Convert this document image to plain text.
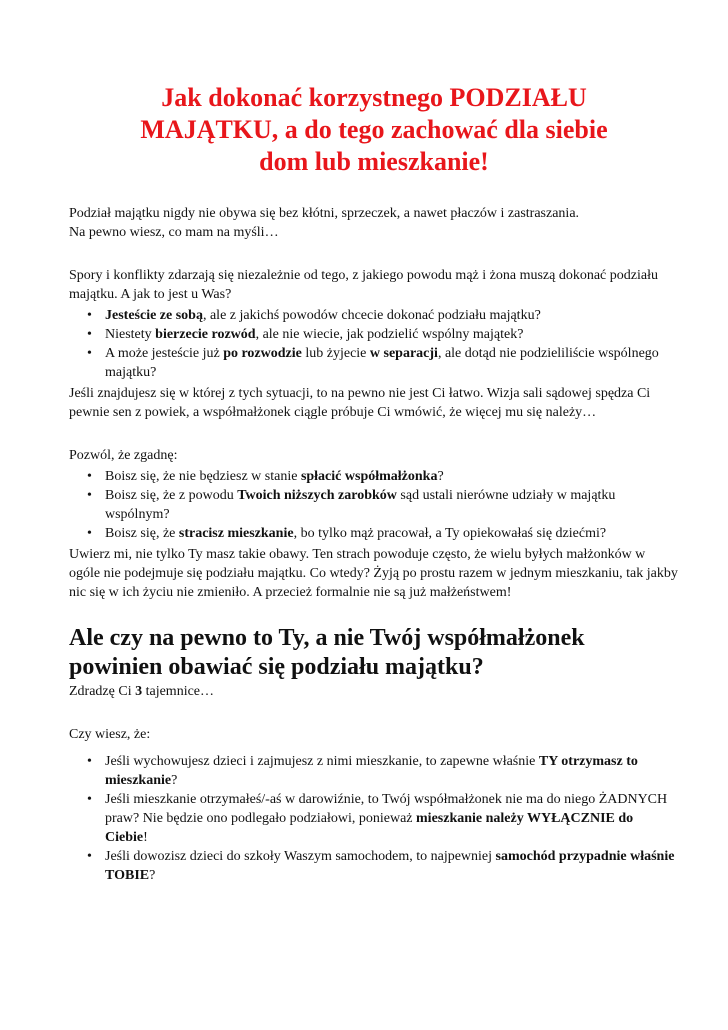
Jak dokonać korzystnego PODZIAŁU
MAJĄTKU, a do tego zachować dla siebie
dom lub mieszkanie!

Podział majątku nigdy nie obywa się bez kłótni, sprzeczek, a nawet płaczów i zastraszania.

Na pewno wiesz, co mam na myśli…

Spory i konflikty zdarzają się niezależnie od tego, z jakiego powodu mąż i żona muszą dokonać podziału majątku. A jak to jest u Was?

• Jesteście ze sobą, ale z jakichś powodów chcecie dokonać podziału majątku?
• Niestety bierzecie rozwód, ale nie wiecie, jak podzielić wspólny majątek?
• A może jesteście już po rozwodzie lub żyjecie w separacji, ale dotąd nie podzieliliście wspólnego majątku?

Jeśli znajdujesz się w której z tych sytuacji, to na pewno nie jest Ci łatwo. Wizja sali sądowej spędza Ci pewnie sen z powiek, a współmałżonek ciągle próbuje Ci wmówić, że więcej mu się należy…

Pozwól, że zgadnę:

• Boisz się, że nie będziesz w stanie spłacić współmałżonka?
• Boisz się, że z powodu Twoich niższych zarobków sąd ustali nierówne udziały w majątku wspólnym?
• Boisz się, że stracisz mieszkanie, bo tylko mąż pracował, a Ty opiekowałaś się dziećmi?

Uwierz mi, nie tylko Ty masz takie obawy. Ten strach powoduje często, że wielu byłych małżonków w ogóle nie podejmuje się podziału majątku. Co wtedy? Żyją po prostu razem w jednym mieszkaniu, tak jakby nic się w ich życiu nie zmieniło. A przecież formalnie nie są już małżeństwem!

Ale czy na pewno to Ty, a nie Twój współmałżonek
powinien obawiać się podziału majątku?

Zdradzę Ci 3 tajemnice…

Czy wiesz, że:

• Jeśli wychowujesz dzieci i zajmujesz z nimi mieszkanie, to zapewne właśnie TY otrzymasz to mieszkanie?
• Jeśli mieszkanie otrzymałeś/-aś w darowiźnie, to Twój współmałżonek nie ma do niego ŻADNYCH praw? Nie będzie ono podlegało podziałowi, ponieważ mieszkanie należy WYŁĄCZNIE do Ciebie!
• Jeśli dowozisz dzieci do szkoły Waszym samochodem, to najpewniej samochód przypadnie właśnie TOBIE?
